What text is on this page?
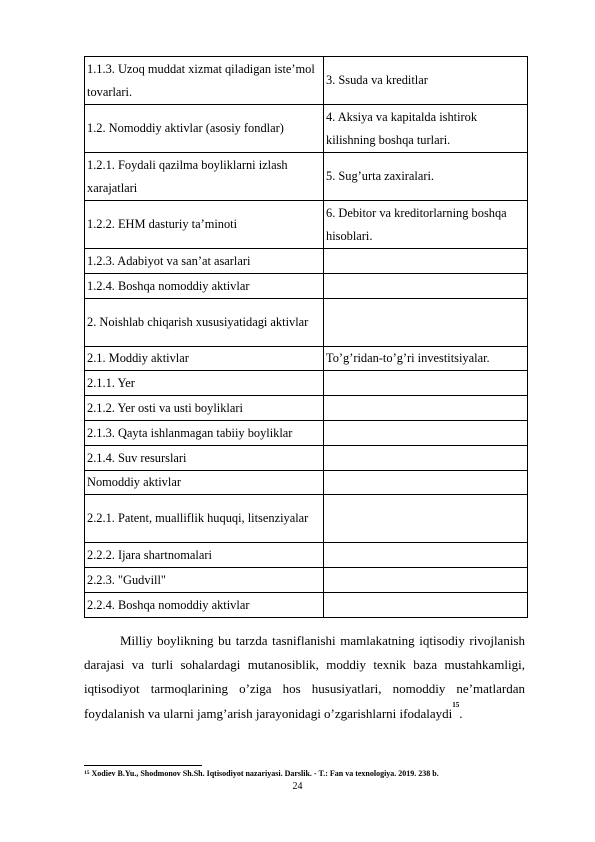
1.1.3. Uzoq muddat xizmat qiladigan iste’mol tovarlari.	3. Ssuda va kreditlar
1.2. Nomoddiy aktivlar (asosiy fondlar)	4. Aksiya va kapitalda ishtirok kilishning boshqa turlari.
1.2.1. Foydali qazilma boyliklarni izlash xarajatlari	5. Sug’urta zaxiralari.
1.2.2. EHM dasturiy ta’minoti	6. Debitor va kreditorlarning boshqa hisoblari.
1.2.3. Adabiyot va san’at asarlari	
1.2.4. Boshqa nomoddiy aktivlar	
2. Noishlab chiqarish xususiyatidagi aktivlar	
2.1. Moddiy aktivlar	To’g’ridan-to’g’ri investitsiyalar.
2.1.1. Yer	
2.1.2. Yer osti va usti boyliklari	
2.1.3. Qayta ishlanmagan tabiiy boyliklar	
2.1.4. Suv resurslari	
Nomoddiy aktivlar	
2.2.1. Patent, mualliflik huquqi, litsenziyalar	
2.2.2. Ijara shartnomalari	
2.2.3. "Gudvill"	
2.2.4. Boshqa nomoddiy aktivlar	
Milliy boylikning bu tarzda tasniflanishi mamlakatning iqtisodiy rivojlanish darajasi va turli sohalardagi mutanosiblik, moddiy texnik baza mustahkamligi, iqtisodiyot tarmoqlarining o’ziga hos hususiyatlari, nomoddiy ne’matlardan foydalanish va ularni jamg’arish jarayonidagi o’zgarishlarni ifodalaydi$^{15}$.
$^{15}$ Xodiev B.Yu., Shodmonov Sh.Sh. Iqtisodiyot nazariyasi. Darslik. - T.: Fan va texnologiya. 2019. 238 b.
24
